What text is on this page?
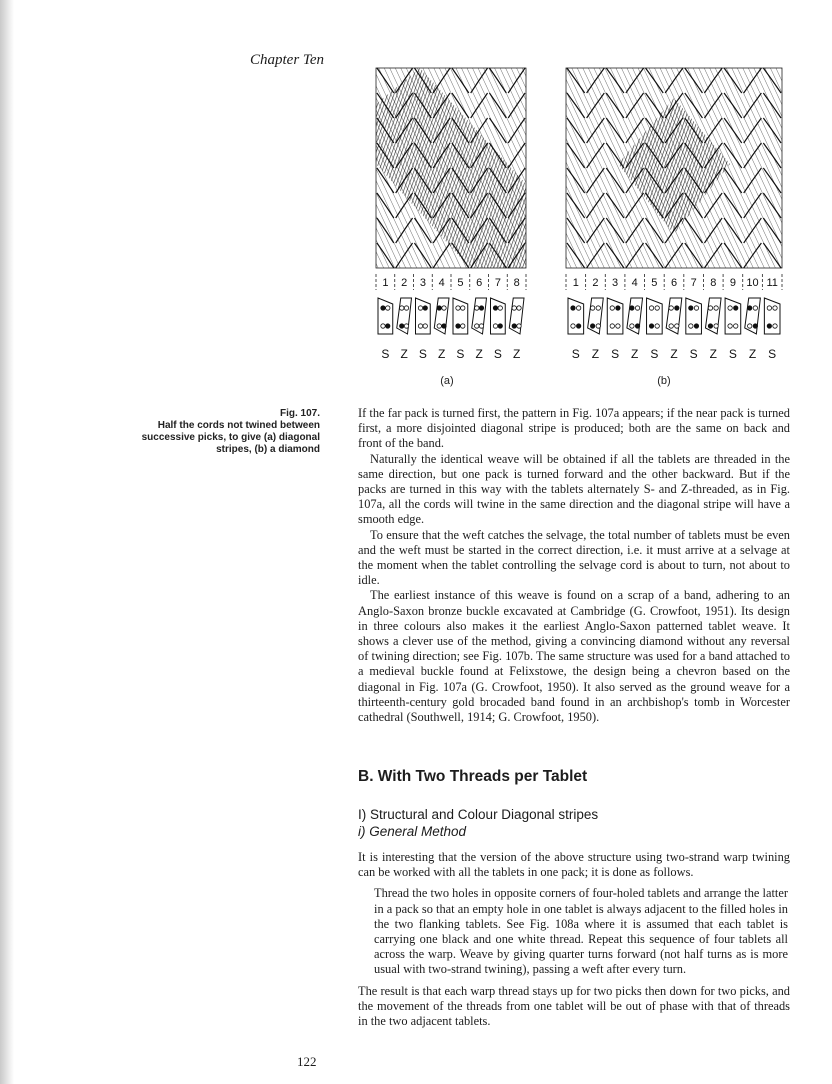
Chapter Ten
1 2 3 4 5 6 7 8
S Z S Z S Z S Z
(a)
1 2 3 4 5 6 7 8 9 10 11
S Z S Z S Z S Z S Z S
(b)
Fig. 107.
Half the cords not twined between successive picks, to give (a) diagonal stripes, (b) a diamond

If the far pack is turned first, the pattern in Fig. 107a appears; if the near pack is turned first, a more disjointed diagonal stripe is produced; both are the same on back and front of the band.

Naturally the identical weave will be obtained if all the tablets are threaded in the same direction, but one pack is turned forward and the other backward. But if the packs are turned in this way with the tablets alternately S- and Z-threaded, as in Fig. 107a, all the cords will twine in the same direction and the diagonal stripe will have a smooth edge.

To ensure that the weft catches the selvage, the total number of tablets must be even and the weft must be started in the correct direction, i.e. it must arrive at a selvage at the moment when the tablet controlling the selvage cord is about to turn, not about to idle.

The earliest instance of this weave is found on a scrap of a band, adhering to an Anglo-Saxon bronze buckle excavated at Cambridge (G. Crowfoot, 1951). Its design in three colours also makes it the earliest Anglo-Saxon patterned tablet weave. It shows a clever use of the method, giving a convincing diamond without any reversal of twining direction; see Fig. 107b. The same structure was used for a band attached to a medieval buckle found at Felixstowe, the design being a chevron based on the diagonal in Fig. 107a (G. Crowfoot, 1950). It also served as the ground weave for a thirteenth-century gold brocaded band found in an archbishop's tomb in Worcester cathedral (Southwell, 1914; G. Crowfoot, 1950).

B. With Two Threads per Tablet
I) Structural and Colour Diagonal stripes
i) General Method

It is interesting that the version of the above structure using two-strand warp twining can be worked with all the tablets in one pack; it is done as follows.

Thread the two holes in opposite corners of four-holed tablets and arrange the latter in a pack so that an empty hole in one tablet is always adjacent to the filled holes in the two flanking tablets. See Fig. 108a where it is assumed that each tablet is carrying one black and one white thread. Repeat this sequence of four tablets all across the warp. Weave by giving quarter turns forward (not half turns as is more usual with two-strand twining), passing a weft after every turn.

The result is that each warp thread stays up for two picks then down for two picks, and the movement of the threads from one tablet will be out of phase with that of threads in the two adjacent tablets.

122
